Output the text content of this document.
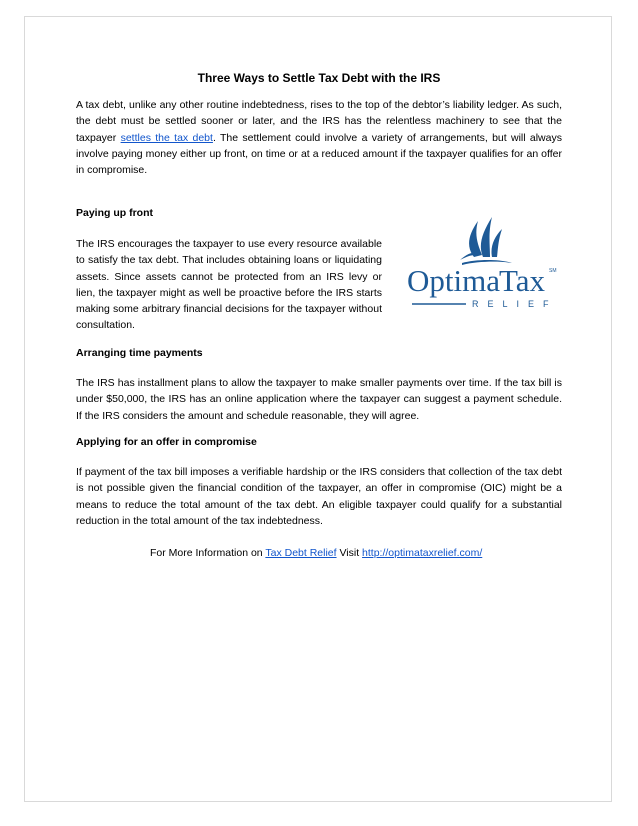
Three Ways to Settle Tax Debt with the IRS

A tax debt, unlike any other routine indebtedness, rises to the top of the debtor’s liability ledger. As such, the debt must be settled sooner or later, and the IRS has the relentless machinery to see that the taxpayer settles the tax debt. The settlement could involve a variety of arrangements, but will always involve paying money either up front, on time or at a reduced amount if the taxpayer qualifies for an offer in compromise.

Paying up front

The IRS encourages the taxpayer to use every resource available to satisfy the tax debt. That includes obtaining loans or liquidating assets. Since assets cannot be protected from an IRS levy or lien, the taxpayer might as well be proactive before the IRS starts making some arbitrary financial decisions for the taxpayer without consultation.

Optima Tax SM
RELIEF
Arranging time payments

The IRS has installment plans to allow the taxpayer to make smaller payments over time. If the tax bill is under $50,000, the IRS has an online application where the taxpayer can suggest a payment schedule. If the IRS considers the amount and schedule reasonable, they will agree.

Applying for an offer in compromise

If payment of the tax bill imposes a verifiable hardship or the IRS considers that collection of the tax debt is not possible given the financial condition of the taxpayer, an offer in compromise (OIC) might be a means to reduce the total amount of the tax debt. An eligible taxpayer could qualify for a substantial reduction in the total amount of the tax indebtedness.

For More Information on Tax Debt Relief Visit http://optimataxrelief.com/
